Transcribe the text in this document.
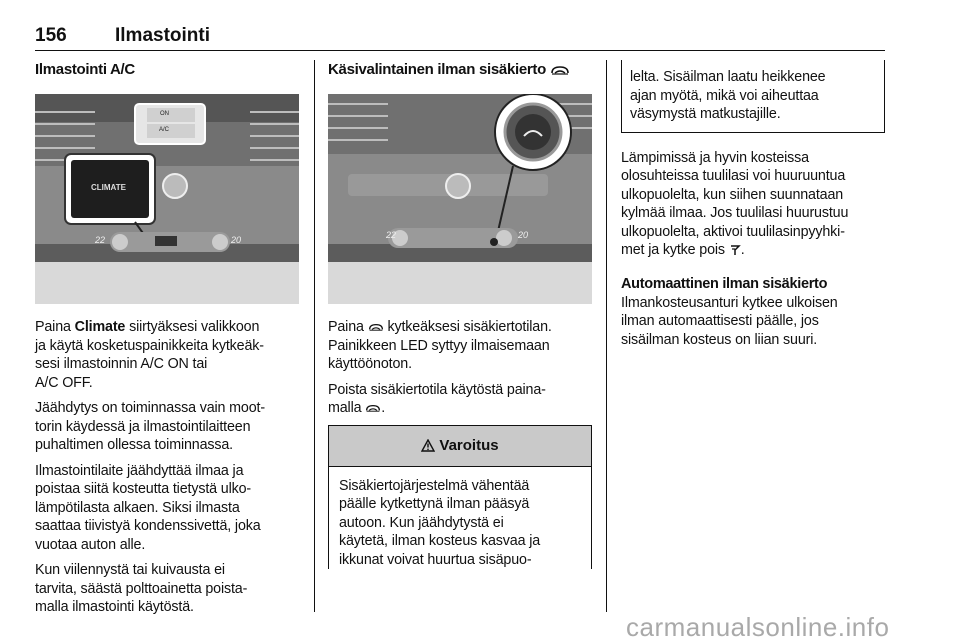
156	Ilmastointi

Ilmastointi A/C

ON
A/C
CLIMATE
22	20

Paina Climate siirtyäksesi valikkoon
ja käytä kosketuspainikkeita kytkeäk-
sesi ilmastoinnin A/C ON tai
A/C OFF.

Jäähdytys on toiminnassa vain moot-
torin käydessä ja ilmastointilaitteen
puhaltimen ollessa toiminnassa.

Ilmastointilaite jäähdyttää ilmaa ja
poistaa siitä kosteutta tietystä ulko-
lämpötilasta alkaen. Siksi ilmasta
saattaa tiivistyä kondenssivettä, joka
vuotaa auton alle.

Kun viilennystä tai kuivausta ei
tarvita, säästä polttoainetta poista-
malla ilmastointi käytöstä.

Käsivalintainen ilman sisäkierto

22	20

Paina kytkeäksesi sisäkiertotilan.
Painikkeen LED syttyy ilmaisemaan
käyttöönoton.

Poista sisäkiertotila käytöstä paina-
malla .

Varoitus

Sisäkiertojärjestelmä vähentää
päälle kytkettynä ilman pääsyä
autoon. Kun jäähdytystä ei
käytetä, ilman kosteus kasvaa ja
ikkunat voivat huurtua sisäpuo-

lelta. Sisäilman laatu heikkenee
ajan myötä, mikä voi aiheuttaa
väsymystä matkustajille.

Lämpimissä ja hyvin kosteissa
olosuhteissa tuulilasi voi huuruuntua
ulkopuolelta, kun siihen suunnataan
kylmää ilmaa. Jos tuulilasi huurustuu
ulkopuolelta, aktivoi tuulilasinpyyhki-
met ja kytke pois .

Automaattinen ilman sisäkierto

Ilmankosteusanturi kytkee ulkoisen
ilman automaattisesti päälle, jos
sisäilman kosteus on liian suuri.

carmanualsonline.info
